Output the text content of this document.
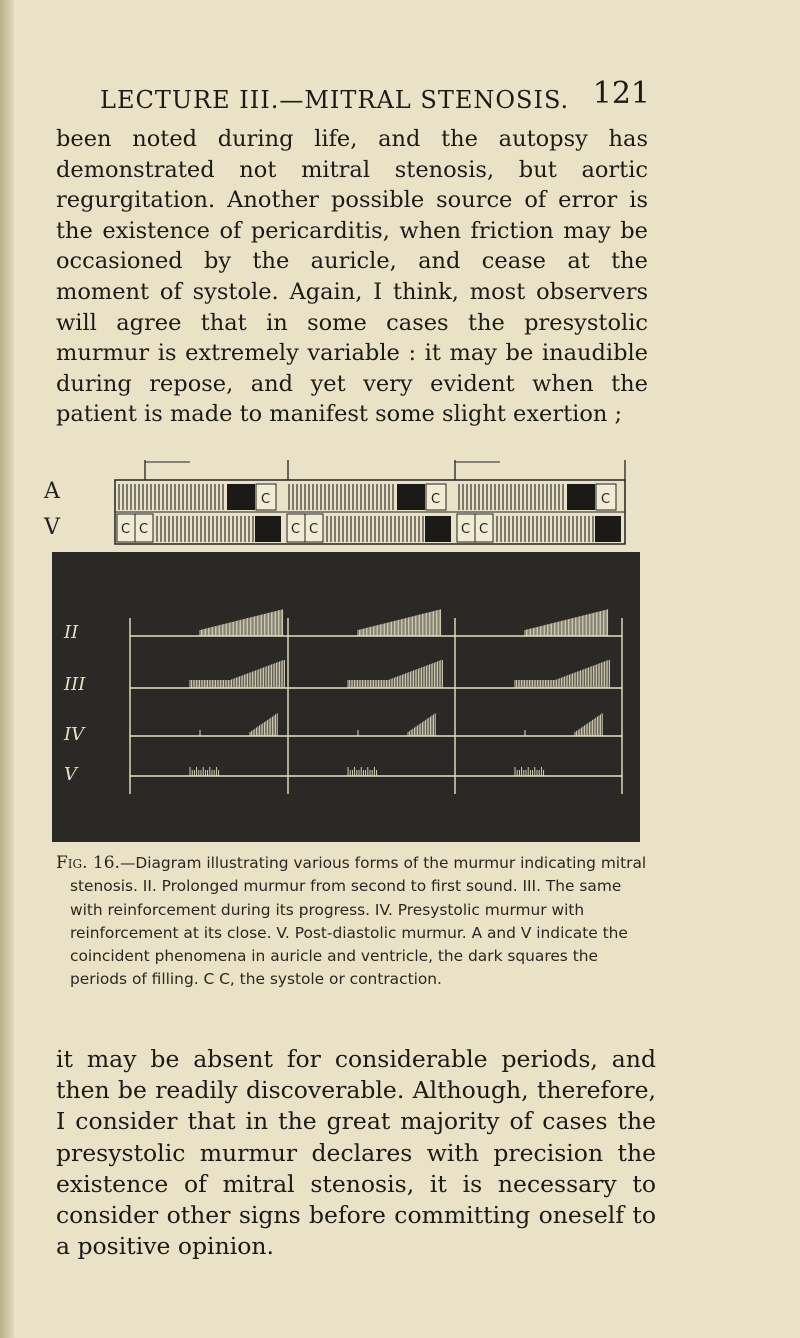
LECTURE III.—MITRAL STENOSIS. 121

been noted during life, and the autopsy has demonstrated not mitral stenosis, but aortic regurgitation. Another possible source of error is the existence of pericarditis, when friction may be occasioned by the auricle, and cease at the moment of systole. Again, I think, most observers will agree that in some cases the presystolic murmur is extremely variable : it may be inaudible during repose, and yet very evident when the patient is made to manifest some slight exertion ;

A
V
C
C C
C
C C
C
C C
II
III
IV
V

Fig. 16.—Diagram illustrating various forms of the murmur indicating mitral stenosis. II. Prolonged murmur from second to first sound. III. The same with reinforcement during its progress. IV. Presystolic murmur with reinforcement at its close. V. Post-diastolic murmur. A and V indicate the coincident phenomena in auricle and ventricle, the dark squares the periods of filling. C C, the systole or contraction.

it may be absent for considerable periods, and then be readily discoverable. Although, therefore, I consider that in the great majority of cases the presystolic murmur declares with precision the existence of mitral stenosis, it is necessary to consider other signs before committing oneself to a positive opinion.
